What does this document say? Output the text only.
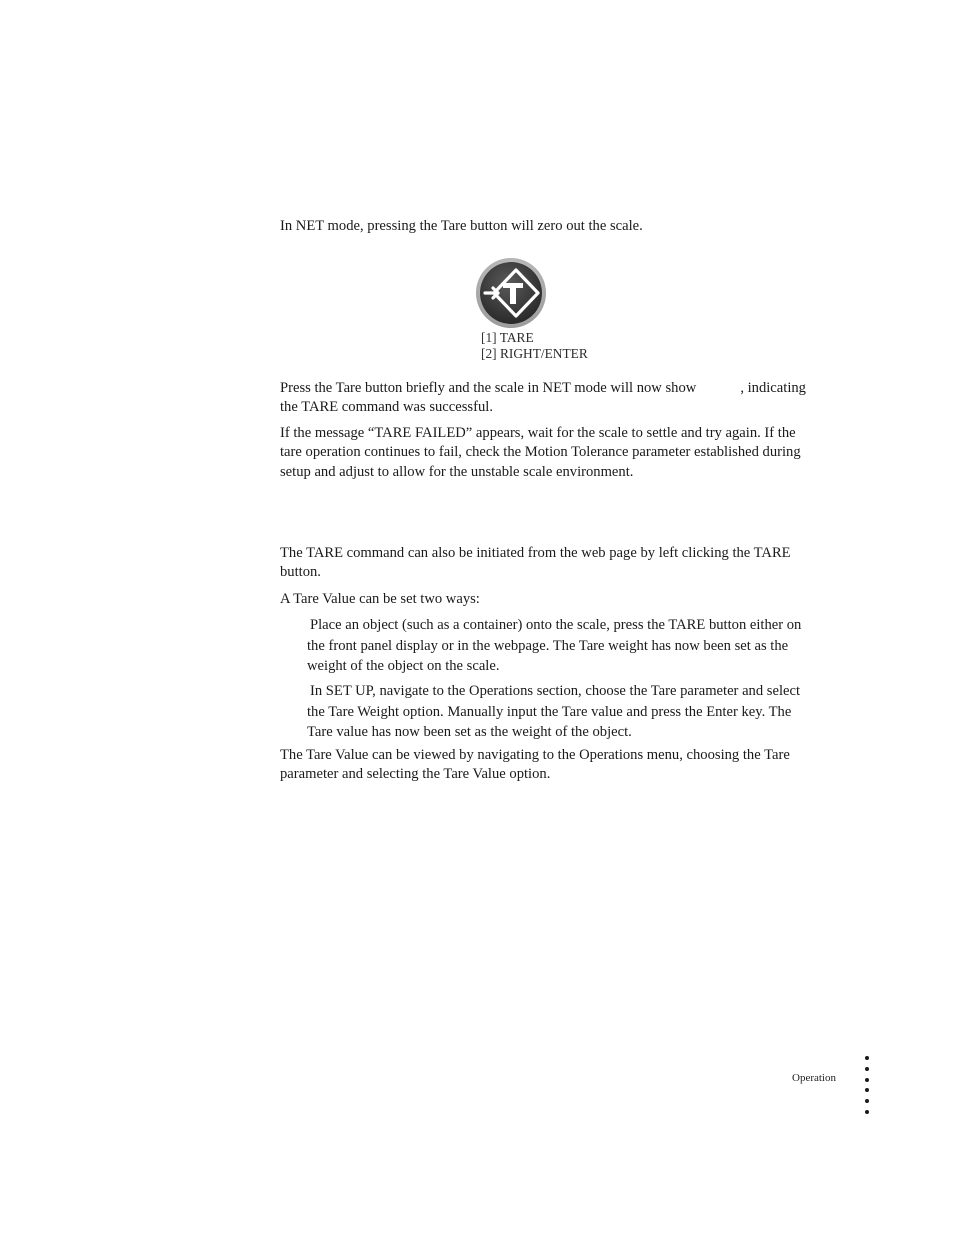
In NET mode, pressing the Tare button will zero out the scale.

[1] TARE
[2] RIGHT/ENTER

Press the Tare button briefly and the scale in NET mode will now show	, indicating the TARE command was successful.

If the message “TARE FAILED” appears, wait for the scale to settle and try again. If the tare operation continues to fail, check the Motion Tolerance parameter established during setup and adjust to allow for the unstable scale environment.

The TARE command can also be initiated from the web page by left clicking the TARE button.

A Tare Value can be set two ways:

Place an object (such as a container) onto the scale, press the TARE button either on the front panel display or in the webpage. The Tare weight has now been set as the weight of the object on the scale.

In SET UP, navigate to the Operations section, choose the Tare parameter and select the Tare Weight option. Manually input the Tare value and press the Enter key. The Tare value has now been set as the weight of the object.

The Tare Value can be viewed by navigating to the Operations menu, choosing the Tare parameter and selecting the Tare Value option.

Operation
